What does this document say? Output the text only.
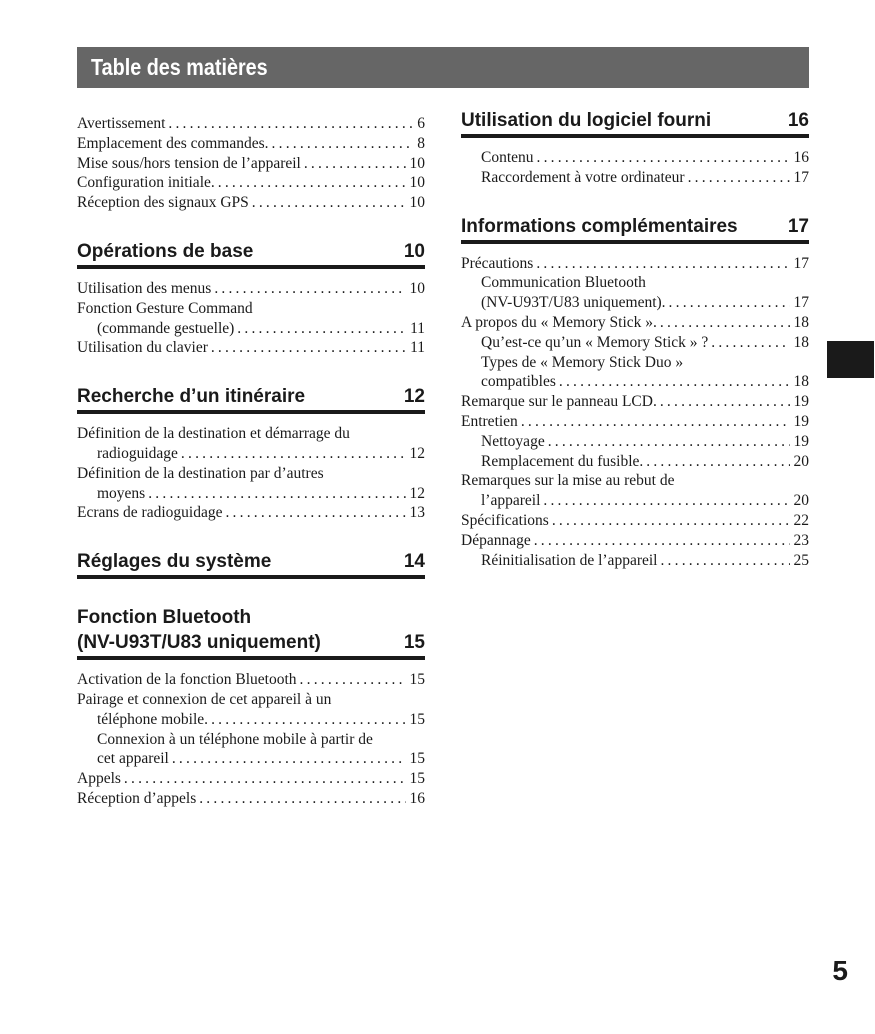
Table des matières
Avertissement .....	6
Emplacement des commandes. .....	8
Mise sous/hors tension de l’appareil .....	10
Configuration initiale. .....	10
Réception des signaux GPS .....	10
Opérations de base	10
Utilisation des menus .....	10
Fonction Gesture Command
(commande gestuelle) .....	11
Utilisation du clavier .....	11
Recherche d’un itinéraire	12
Définition de la destination et démarrage du
radioguidage .....	12
Définition de la destination par d’autres
moyens .....	12
Ecrans de radioguidage .....	13
Réglages du système	14
Fonction Bluetooth
(NV-U93T/U83 uniquement)	15
Activation de la fonction Bluetooth .....	15
Pairage et connexion de cet appareil à un
téléphone mobile. .....	15
Connexion à un téléphone mobile à partir de
cet appareil .....	15
Appels .....	15
Réception d’appels .....	16
Utilisation du logiciel fourni	16
Contenu .....	16
Raccordement à votre ordinateur .....	17
Informations complémentaires	17
Précautions .....	17
Communication Bluetooth
(NV-U93T/U83 uniquement). .....	17
A propos du « Memory Stick ». .....	18
Qu’est-ce qu’un « Memory Stick » ? .....	18
Types de « Memory Stick Duo »
compatibles .....	18
Remarque sur le panneau LCD. .....	19
Entretien .....	19
Nettoyage .....	19
Remplacement du fusible. .....	20
Remarques sur la mise au rebut de
l’appareil .....	20
Spécifications .....	22
Dépannage .....	23
Réinitialisation de l’appareil .....	25
5
